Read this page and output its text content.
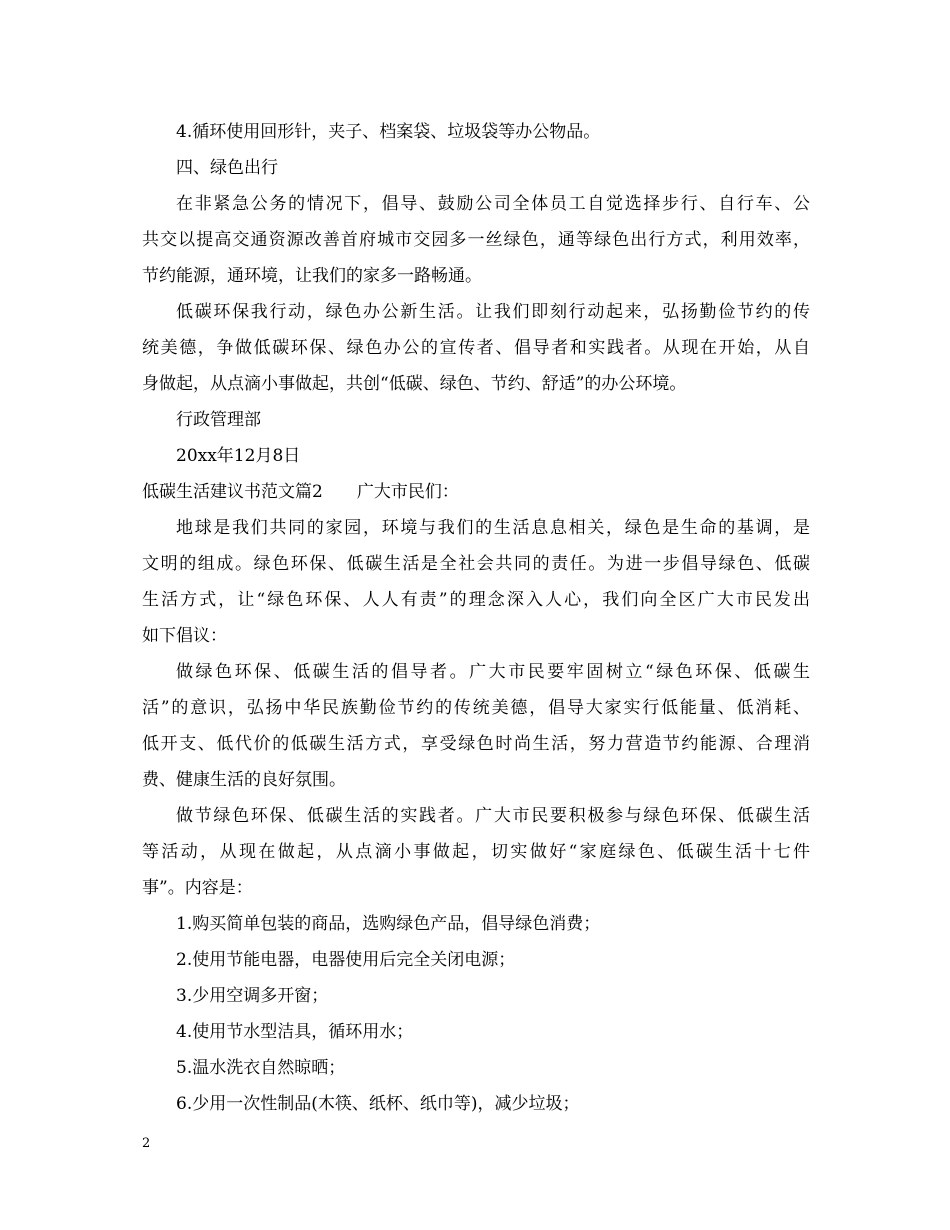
4.循环使用回形针，夹子、档案袋、垃圾袋等办公物品。
四、绿色出行
在非紧急公务的情况下，倡导、鼓励公司全体员工自觉选择步行、自行车、公
共交以提高交通资源改善首府城市交园多一丝绿色，通等绿色出行方式，利用效率，
节约能源，通环境，让我们的家多一路畅通。
低碳环保我行动，绿色办公新生活。让我们即刻行动起来，弘扬勤俭节约的传
统美德，争做低碳环保、绿色办公的宣传者、倡导者和实践者。从现在开始，从自
身做起，从点滴小事做起，共创“低碳、绿色、节约、舒适”的办公环境。
行政管理部
20xx年12月8日
低碳生活建议书范文篇2　　广大市民们：
地球是我们共同的家园，环境与我们的生活息息相关，绿色是生命的基调，是
文明的组成。绿色环保、低碳生活是全社会共同的责任。为进一步倡导绿色、低碳
生活方式，让“绿色环保、人人有责”的理念深入人心，我们向全区广大市民发出
如下倡议：
做绿色环保、低碳生活的倡导者。广大市民要牢固树立“绿色环保、低碳生
活”的意识，弘扬中华民族勤俭节约的传统美德，倡导大家实行低能量、低消耗、
低开支、低代价的低碳生活方式，享受绿色时尚生活，努力营造节约能源、合理消
费、健康生活的良好氛围。
做节绿色环保、低碳生活的实践者。广大市民要积极参与绿色环保、低碳生活
等活动，从现在做起，从点滴小事做起，切实做好“家庭绿色、低碳生活十七件
事”。内容是：
1.购买简单包装的商品，选购绿色产品，倡导绿色消费；
2.使用节能电器，电器使用后完全关闭电源；
3.少用空调多开窗；
4.使用节水型洁具，循环用水；
5.温水洗衣自然晾晒；
6.少用一次性制品(木筷、纸杯、纸巾等)，减少垃圾；
2
